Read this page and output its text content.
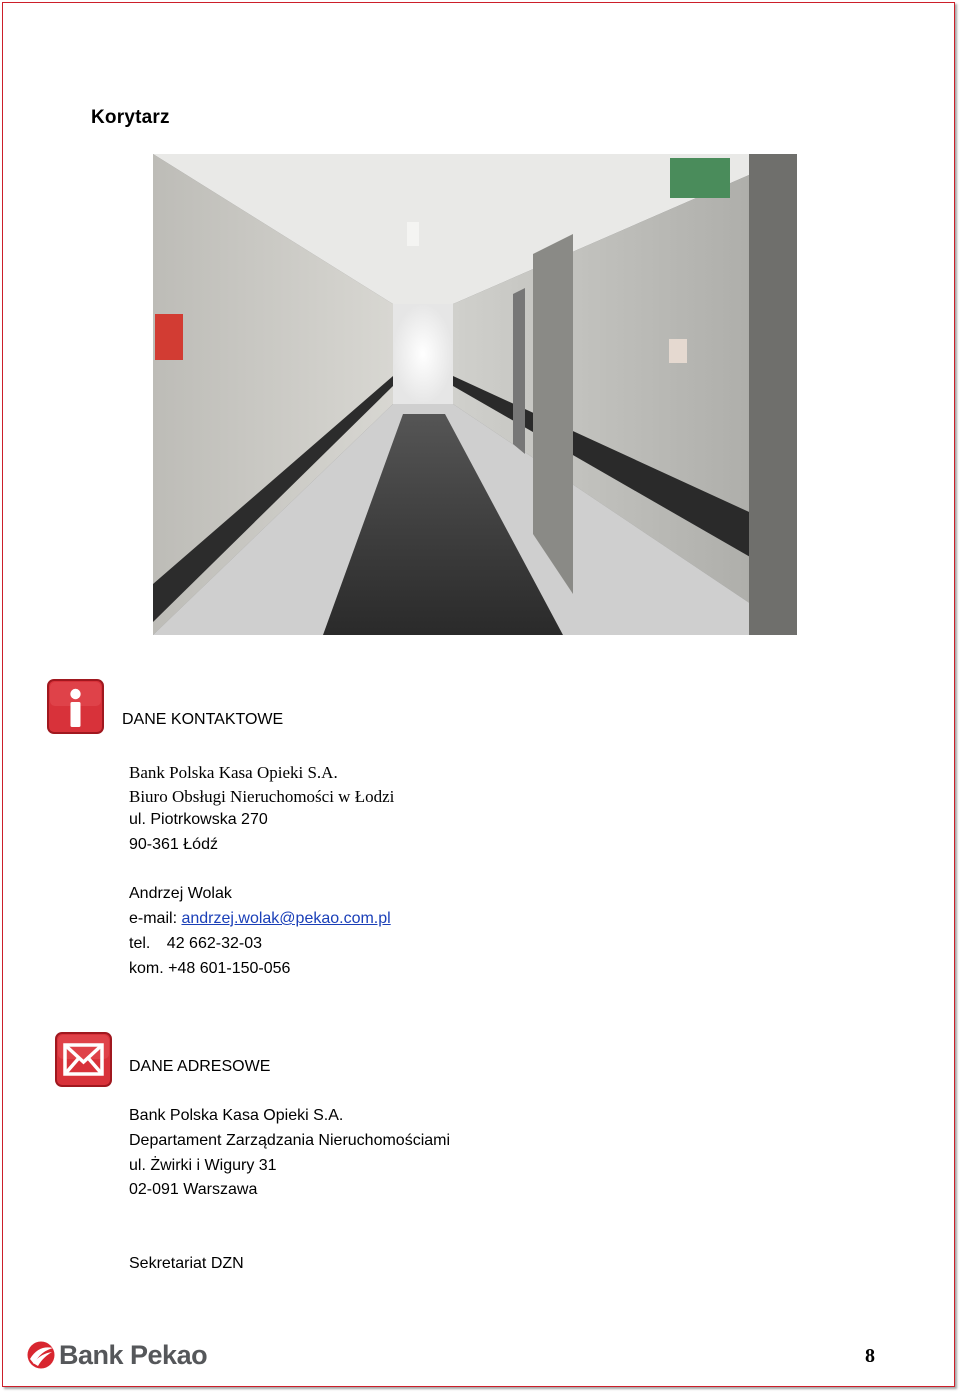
Korytarz
DANE KONTAKTOWE
Bank Polska Kasa Opieki S.A.
Biuro Obsługi Nieruchomości w Łodzi
ul. Piotrkowska 270
90-361 Łódź
Andrzej Wolak
e-mail: andrzej.wolak@pekao.com.pl
tel. 42 662-32-03
kom. +48 601-150-056
DANE ADRESOWE
Bank Polska Kasa Opieki S.A.
Departament Zarządzania Nieruchomościami
ul. Żwirki i Wigury 31
02-091 Warszawa
Sekretariat DZN
Bank Pekao	8
